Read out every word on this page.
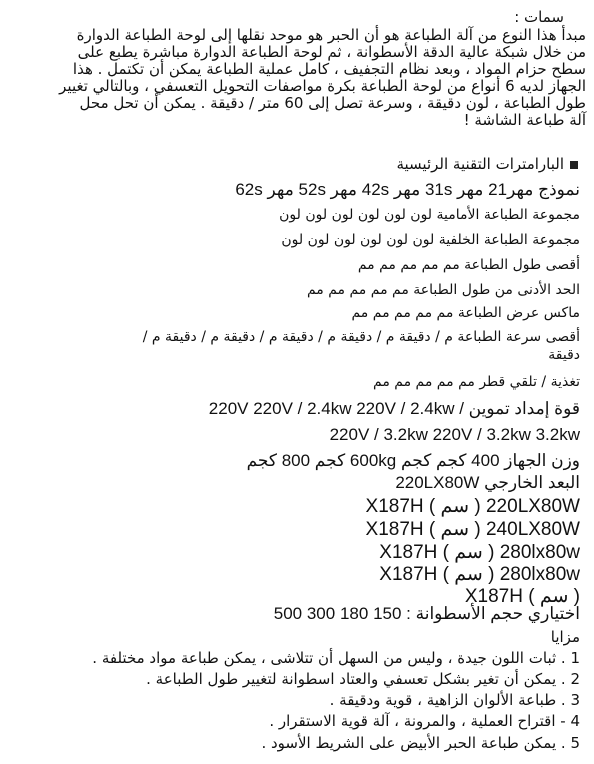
سمات :
مبدأ هذا النوع من آلة الطباعة هو أن الحبر هو موحد نقلها إلى لوحة الطباعة الدوارة
من خلال شبكة عالية الدقة الأسطوانة ، ثم لوحة الطباعة الدوارة مباشرة يطبع على
سطح حزام المواد ، وبعد نظام التجفيف ، كامل عملية الطباعة يمكن أن تكتمل . هذا
الجهاز لديه 6 أنواع من لوحة الطباعة بكرة مواصفات التحويل التعسفي ، وبالتالي تغيير
طول الطباعة ، لون دقيقة ، وسرعة تصل إلى 60 متر / دقيقة . يمكن أن تحل محل
آلة طباعة الشاشة !
البارامترات التقنية الرئيسية
نموذج مهر21 مهر 31s مهر 42s مهر 52s مهر 62s
مجموعة الطباعة الأمامية لون لون لون لون لون لون
مجموعة الطباعة الخلفية لون لون لون لون لون لون
أقصى طول الطباعة مم مم مم مم مم
الحد الأدنى من طول الطباعة مم مم مم مم مم
ماكس عرض الطباعة مم مم مم مم مم
أقصى سرعة الطباعة م / دقيقة م / دقيقة م / دقيقة م / دقيقة م / دقيقة م /
دقيقة
تغذية / تلقي قطر مم مم مم مم مم
قوة إمداد تموين / 220V 220V / 2.4kw 220V / 2.4kw
220V / 3.2kw 220V / 3.2kw 3.2kw
وزن الجهاز 400 كجم كجم 600kg كجم 800 كجم
البعد الخارجي 220LX80W
X187H ( سم ) 220LX80W
X187H ( سم ) 240LX80W
X187H ( سم ) 280lx80w
X187H ( سم ) 280lx80w
X187H ( سم )
اختياري حجم الأسطوانة : 150 180 300 500
مزايا
1 . ثبات اللون جيدة ، وليس من السهل أن تتلاشى ، يمكن طباعة مواد مختلفة .
2 . يمكن أن تغير بشكل تعسفي والعتاد اسطوانة لتغيير طول الطباعة .
3 . طباعة الألوان الزاهية ، قوية ودقيقة .
4 - اقتراح العملية ، والمرونة ، آلة قوية الاستقرار .
5 . يمكن طباعة الحبر الأبيض على الشريط الأسود .
